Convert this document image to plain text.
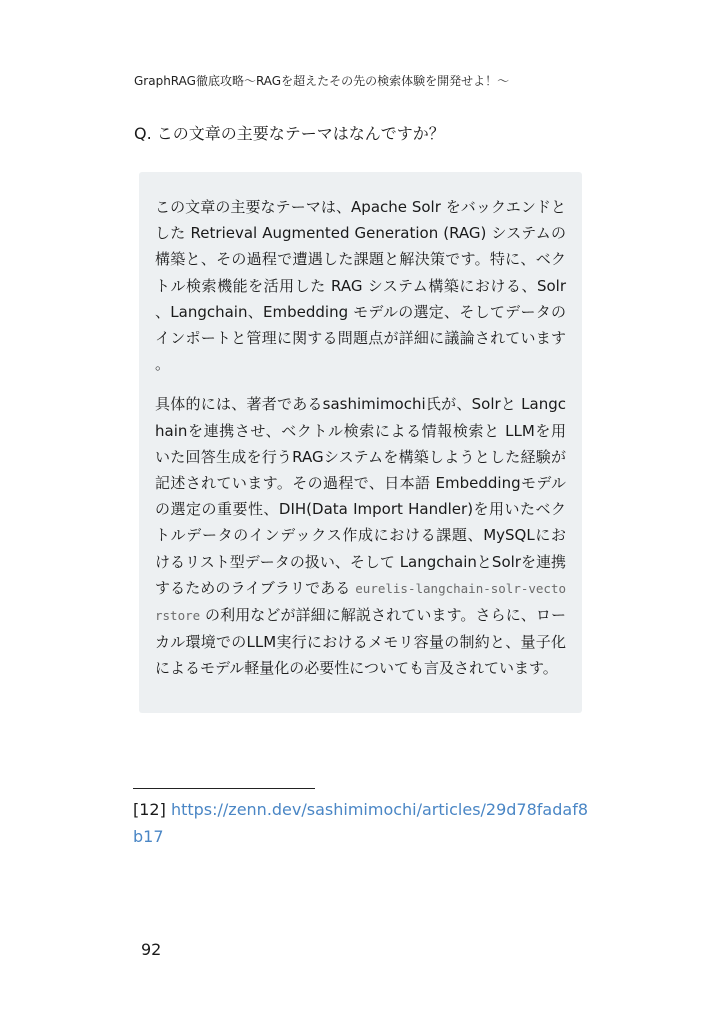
GraphRAG徹底攻略〜RAGを超えたその先の検索体験を開発せよ！〜
Q. この文章の主要なテーマはなんですか？

この文章の主要なテーマは、Apache Solr をバックエンドとした Retrieval Augmented Generation (RAG) システムの構築と、その過程で遭遇した課題と解決策です。特に、ベクトル検索機能を活用した RAG システム構築における、Solr、Langchain、Embedding モデルの選定、そしてデータのインポートと管理に関する問題点が詳細に議論されています。

具体的には、著者であるsashimimochi氏が、Solrと Langchainを連携させ、ベクトル検索による情報検索と LLMを用いた回答生成を行うRAGシステムを構築しようとした経験が記述されています。その過程で、日本語 Embeddingモデルの選定の重要性、DIH(Data Import Handler)を用いたベクトルデータのインデックス作成における課題、MySQLにおけるリスト型データの扱い、そして LangchainとSolrを連携するためのライブラリである eurelis-langchain-solr-vectorstore の利用などが詳細に解説されています。さらに、ローカル環境でのLLM実行におけるメモリ容量の制約と、量子化によるモデル軽量化の必要性についても言及されています。

[12] https://zenn.dev/sashimimochi/articles/29d78fadaf8b17
92
